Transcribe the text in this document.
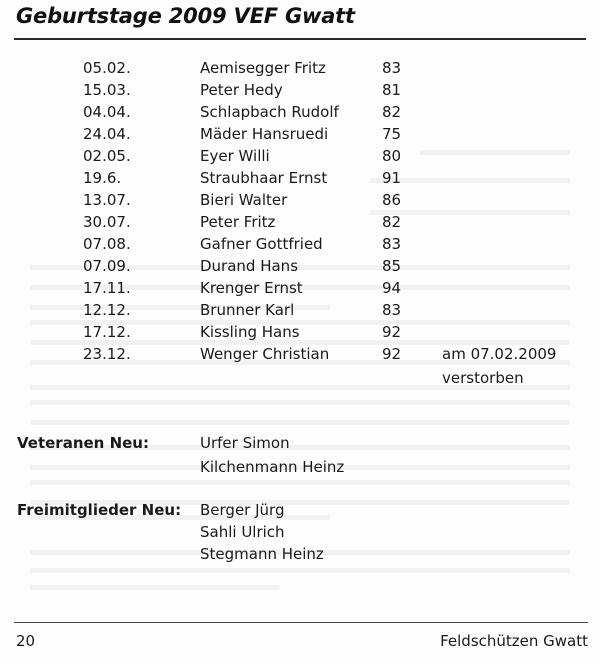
Geburtstage 2009 VEF Gwatt
05.02.	Aemisegger Fritz	83
15.03.	Peter Hedy	81
04.04.	Schlapbach Rudolf	82
24.04.	Mäder Hansruedi	75
02.05.	Eyer Willi	80
19.6.	Straubhaar Ernst	91
13.07.	Bieri Walter	86
30.07.	Peter Fritz	82
07.08.	Gafner Gottfried	83
07.09.	Durand Hans	85
17.11.	Krenger Ernst	94
12.12.	Brunner Karl	83
17.12.	Kissling Hans	92
23.12.	Wenger Christian	92	am 07.02.2009
verstorben
Veteranen Neu:	Urfer Simon
Kilchenmann Heinz
Freimitglieder Neu: Berger Jürg
Sahli Ulrich
Stegmann Heinz
20	Feldschützen Gwatt
